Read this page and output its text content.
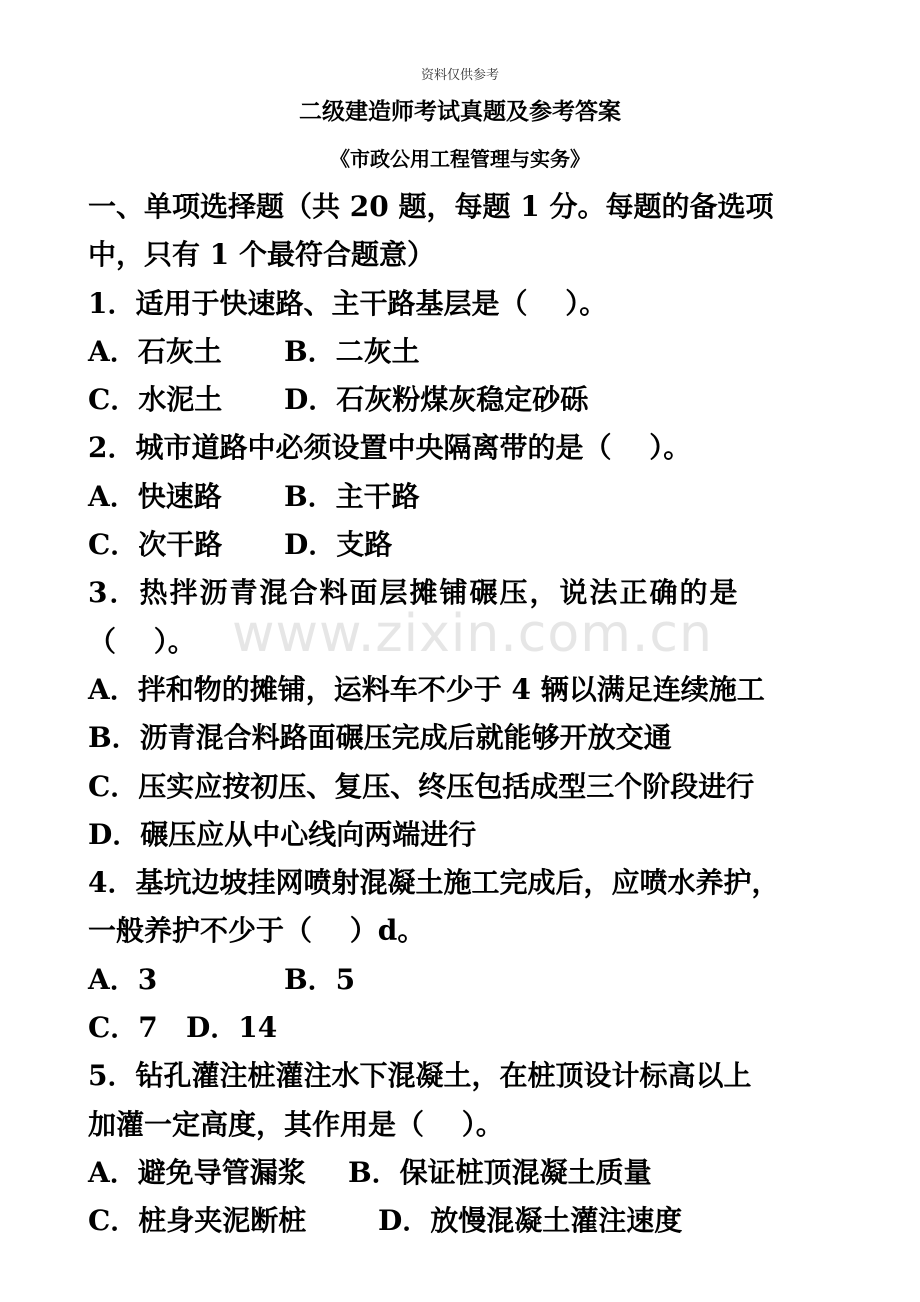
资料仅供参考
二级建造师考试真题及参考答案
《市政公用工程管理与实务》
www.zixin.com.cn
一、单项选择题（共 20 题，每题 1 分。每题的备选项
中，只有 1 个最符合题意）
1．适用于快速路、主干路基层是（　 ）。
A．石灰土 B．二灰土
C．水泥土 D．石灰粉煤灰稳定砂砾
2．城市道路中必须设置中央隔离带的是（　 ）。
A．快速路 B．主干路
C．次干路 D．支路
3．热拌沥青混合料面层摊铺碾压，说法正确的是
（　 ）。
A．拌和物的摊铺，运料车不少于 4 辆以满足连续施工
B．沥青混合料路面碾压完成后就能够开放交通
C．压实应按初压、复压、终压包括成型三个阶段进行
D．碾压应从中心线向两端进行
4．基坑边坡挂网喷射混凝土施工完成后，应喷水养护，
一般养护不少于（　 ）d。
A．3	B．5
C．7 D．14
5．钻孔灌注桩灌注水下混凝土，在桩顶设计标高以上
加灌一定高度，其作用是（　 ）。
A．避免导管漏浆 B．保证桩顶混凝土质量
C．桩身夹泥断桩	D．放慢混凝土灌注速度
